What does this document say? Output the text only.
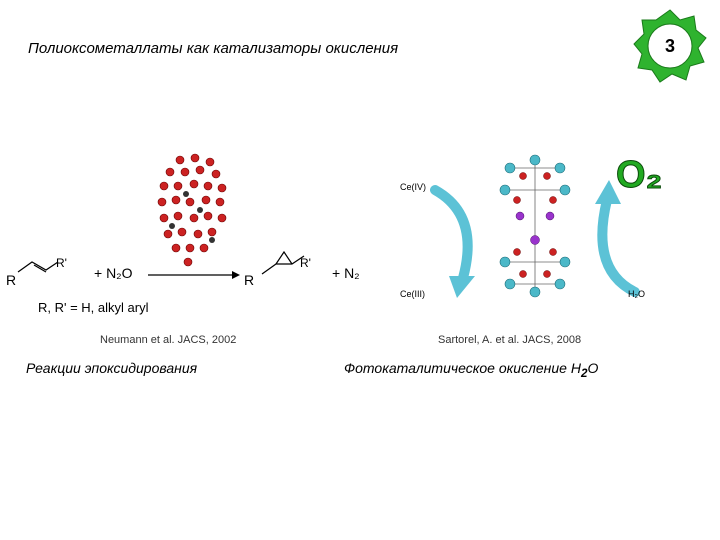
Полиоксометаллаты как катализаторы окисления	3
R
R'
+ N₂O	R
R'
+ N₂
R, R' = H, alkyl aryl
Neumann et al. JACS, 2002
Реакции эпоксидирования
Ce(IV)
Ce(III)
O₂
H₂O
Sartorel, A. et al. JACS, 2008
Фотокаталитическое окисление $H_2O$
